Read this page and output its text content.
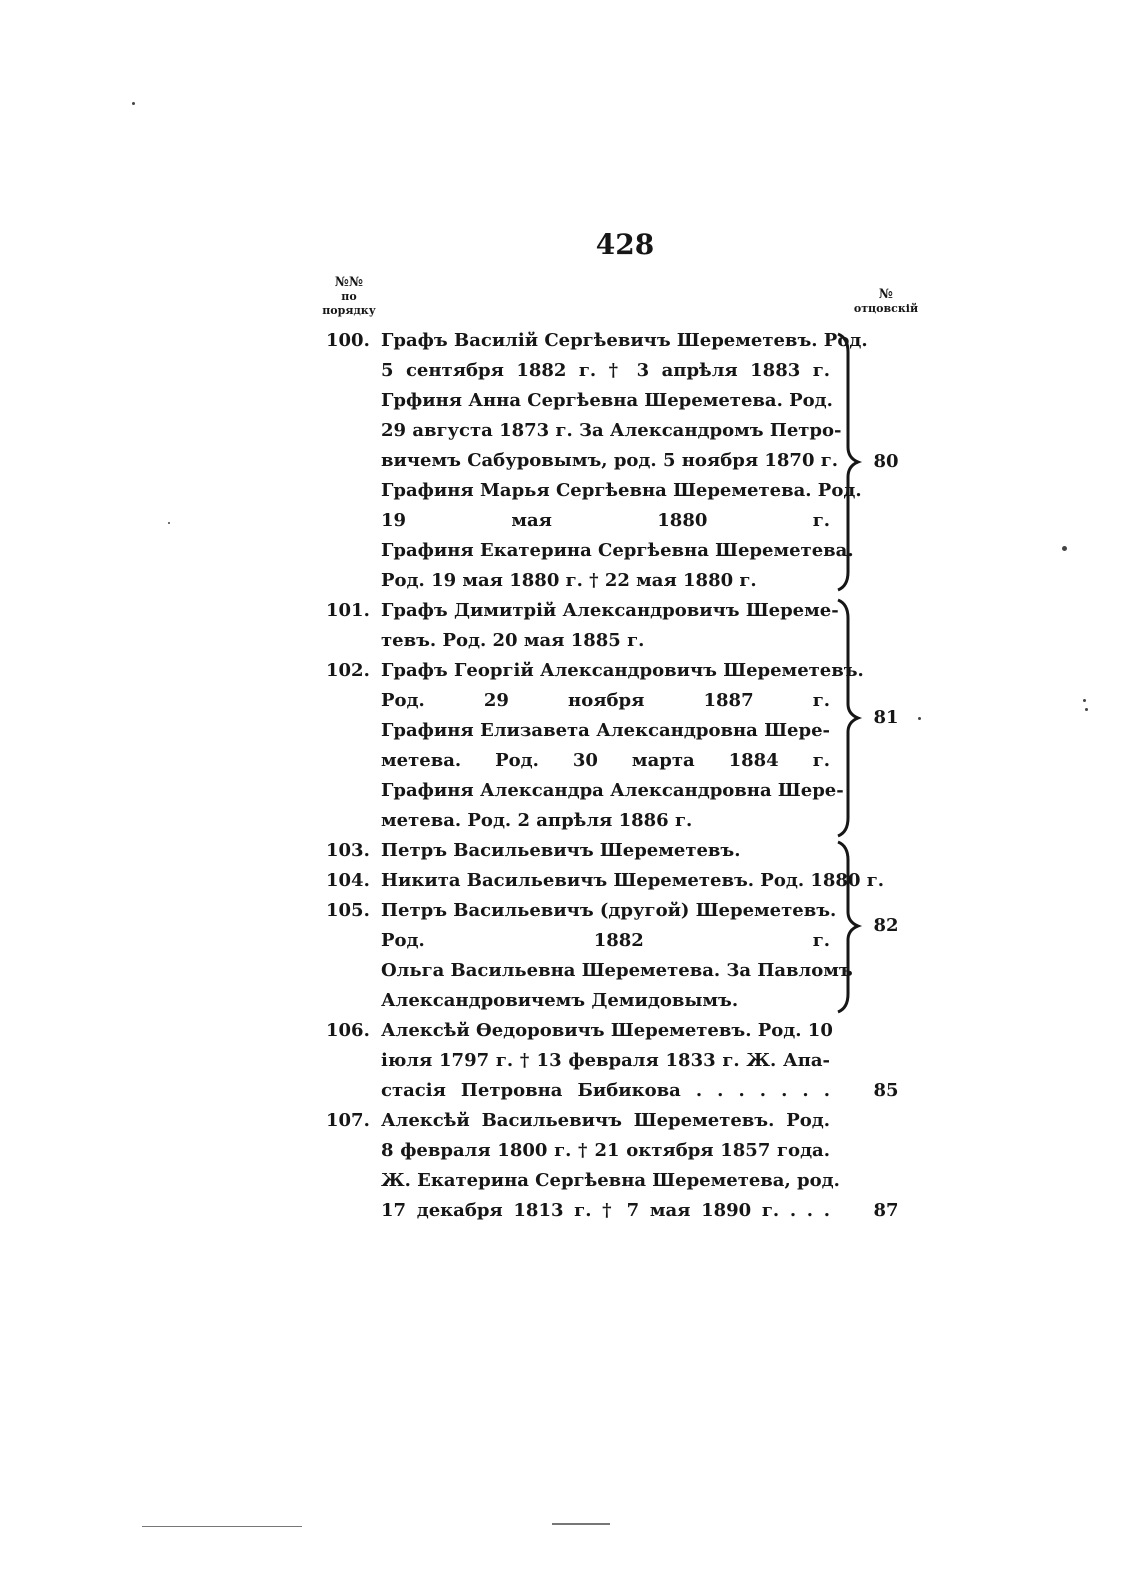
428
№№
по
порядку
№
отцовскій
100. Графъ Василій Сергѣевичъ Шереметевъ. Род.
5 сентября 1882 г. † 3 апрѣля 1883 г.
Грфиня Анна Сергѣевна Шереметева. Род.
29 августа 1873 г. За Александромъ Петро-
вичемъ Сабуровымъ, род. 5 ноября 1870 г.
Графиня Марья Сергѣевна Шереметева. Род.
19 мая 1880 г.
Графиня Екатерина Сергѣевна Шереметева.
Род. 19 мая 1880 г. † 22 мая 1880 г.
101. Графъ Димитрій Александровичъ Шереме-
тевъ. Род. 20 мая 1885 г.
102. Графъ Георгій Александровичъ Шереметевъ.
Род. 29 ноября 1887 г.
Графиня Елизавета Александровна Шере-
метева. Род. 30 марта 1884 г.
Графиня Александра Александровна Шере-
метева. Род. 2 апрѣля 1886 г.
103. Петръ Васильевичъ Шереметевъ.
104. Никита Васильевичъ Шереметевъ. Род. 1880 г.
105. Петръ Васильевичъ (другой) Шереметевъ.
Род. 1882 г.
Ольга Васильевна Шереметева. За Павломъ
Александровичемъ Демидовымъ.
106. Алексѣй Ѳедоровичъ Шереметевъ. Род. 10
іюля 1797 г. † 13 февраля 1833 г. Ж. Апа-
стасія Петровна Бибикова . . . . . . .
107. Алексѣй Васильевичъ Шереметевъ. Род.
8 февраля 1800 г. † 21 октября 1857 года.
Ж. Екатерина Сергѣевна Шереметева, род.
17 декабря 1813 г. † 7 мая 1890 г. . . .
80
81
82
85
87
